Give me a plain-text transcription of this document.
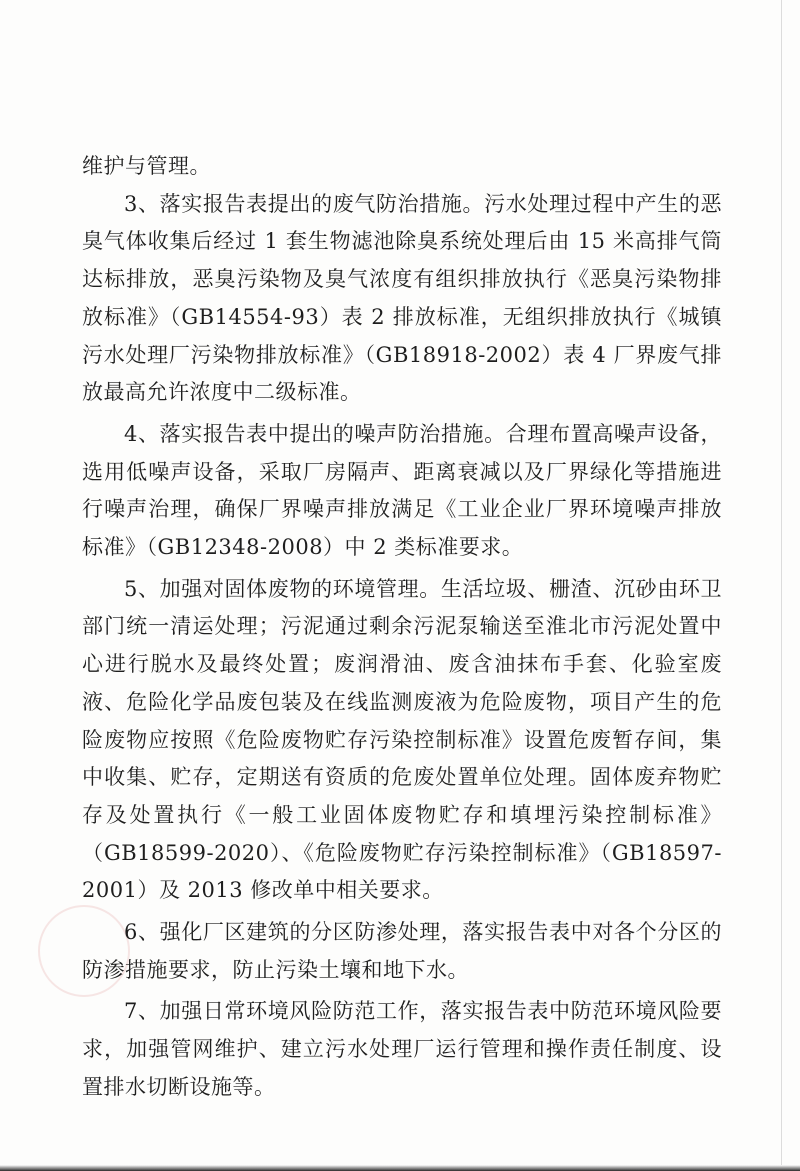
维护与管理。

3、落实报告表提出的废气防治措施。污水处理过程中产生的恶臭气体收集后经过 1 套生物滤池除臭系统处理后由 15 米高排气筒达标排放，恶臭污染物及臭气浓度有组织排放执行《恶臭污染物排放标准》（GB14554-93）表 2 排放标准，无组织排放执行《城镇污水处理厂污染物排放标准》（GB18918-2002）表 4 厂界废气排放最高允许浓度中二级标准。

4、落实报告表中提出的噪声防治措施。合理布置高噪声设备，选用低噪声设备，采取厂房隔声、距离衰减以及厂界绿化等措施进行噪声治理，确保厂界噪声排放满足《工业企业厂界环境噪声排放标准》（GB12348-2008）中 2 类标准要求。

5、加强对固体废物的环境管理。生活垃圾、栅渣、沉砂由环卫部门统一清运处理；污泥通过剩余污泥泵输送至淮北市污泥处置中心进行脱水及最终处置；废润滑油、废含油抹布手套、化验室废液、危险化学品废包装及在线监测废液为危险废物，项目产生的危险废物应按照《危险废物贮存污染控制标准》设置危废暂存间，集中收集、贮存，定期送有资质的危废处置单位处理。固体废弃物贮存及处置执行《一般工业固体废物贮存和填埋污染控制标准》（GB18599-2020）、《危险废物贮存污染控制标准》（GB18597-2001）及 2013 修改单中相关要求。

6、强化厂区建筑的分区防渗处理，落实报告表中对各个分区的防渗措施要求，防止污染土壤和地下水。

7、加强日常环境风险防范工作，落实报告表中防范环境风险要求，加强管网维护、建立污水处理厂运行管理和操作责任制度、设置排水切断设施等。
